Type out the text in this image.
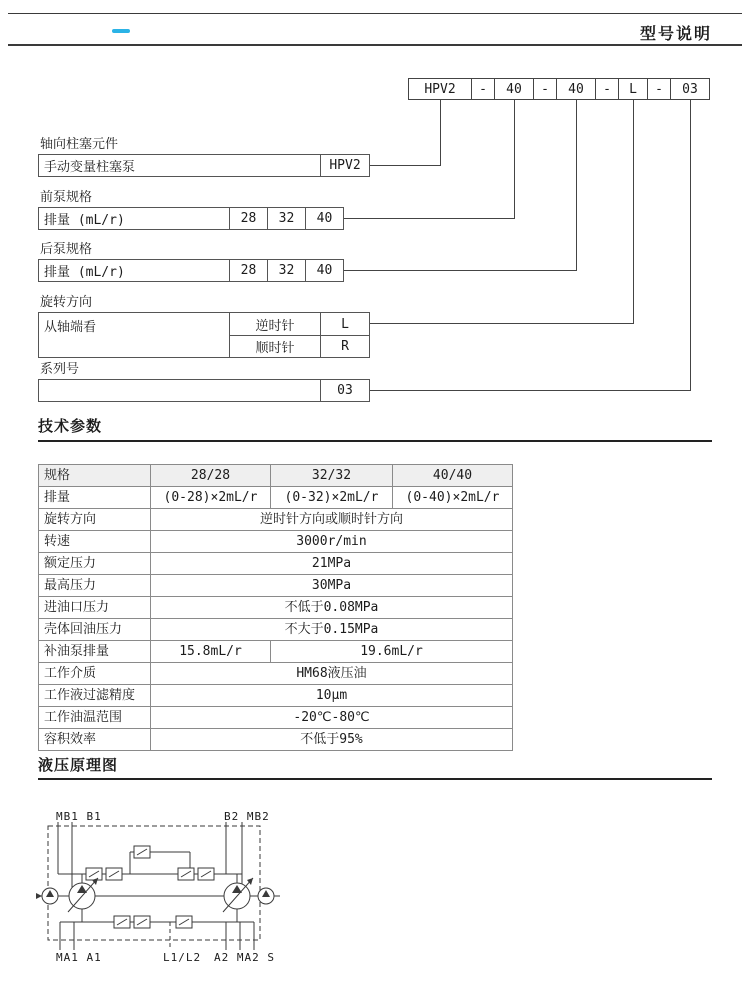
型号说明
HPV2	-	40	-	40	-	L	-	03
轴向柱塞元件
手动变量柱塞泵	HPV2
前泵规格
排量 (mL/r)	28	32	40
后泵规格
排量 (mL/r)	28	32	40
旋转方向
从轴端看	逆时针	L
顺时针	R
系列号
03
技术参数
规格	28/28	32/32	40/40
排量	(0-28)×2mL/r	(0-32)×2mL/r	(0-40)×2mL/r
旋转方向	逆时针方向或顺时针方向		
转速	3000r/min		
额定压力	21MPa		
最高压力	30MPa		
进油口压力	不低于0.08MPa		
壳体回油压力	不大于0.15MPa		
补油泵排量	15.8mL/r	19.6mL/r	
工作介质	HM68液压油		
工作液过滤精度	10μm		
工作油温范围	-20℃-80℃		
容积效率	不低于95%		
液压原理图
MB1 B1	B2 MB2
MA1 A1	L1/L2 A2 MA2 S
